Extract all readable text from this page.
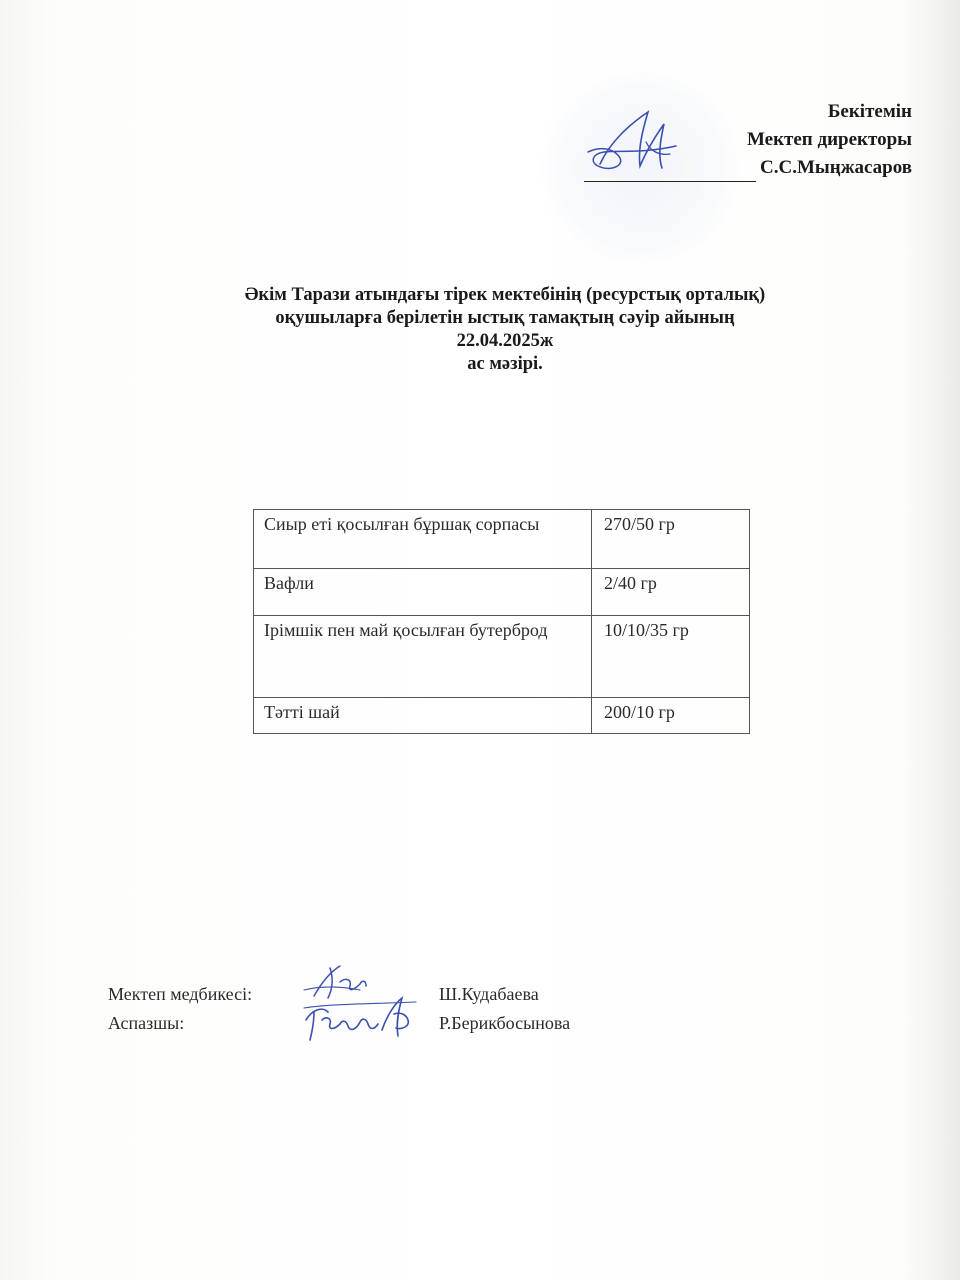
Бекітемін
Мектеп директоры
С.С.Мыңжасаров
Әкім Тарази атындағы тірек мектебінің (ресурстық орталық)
оқушыларға берілетін ыстық тамақтың сәуір айының
22.04.2025ж
ас мәзірі.
Сиыр еті қосылған бұршақ сорпасы	270/50 гр
Вафли	2/40 гр
Ірімшік пен май қосылған бутерброд	10/10/35 гр
Тәтті шай	200/10 гр
Мектеп медбикесі:	Ш.Кудабаева
Аспазшы:	Р.Берикбосынова
